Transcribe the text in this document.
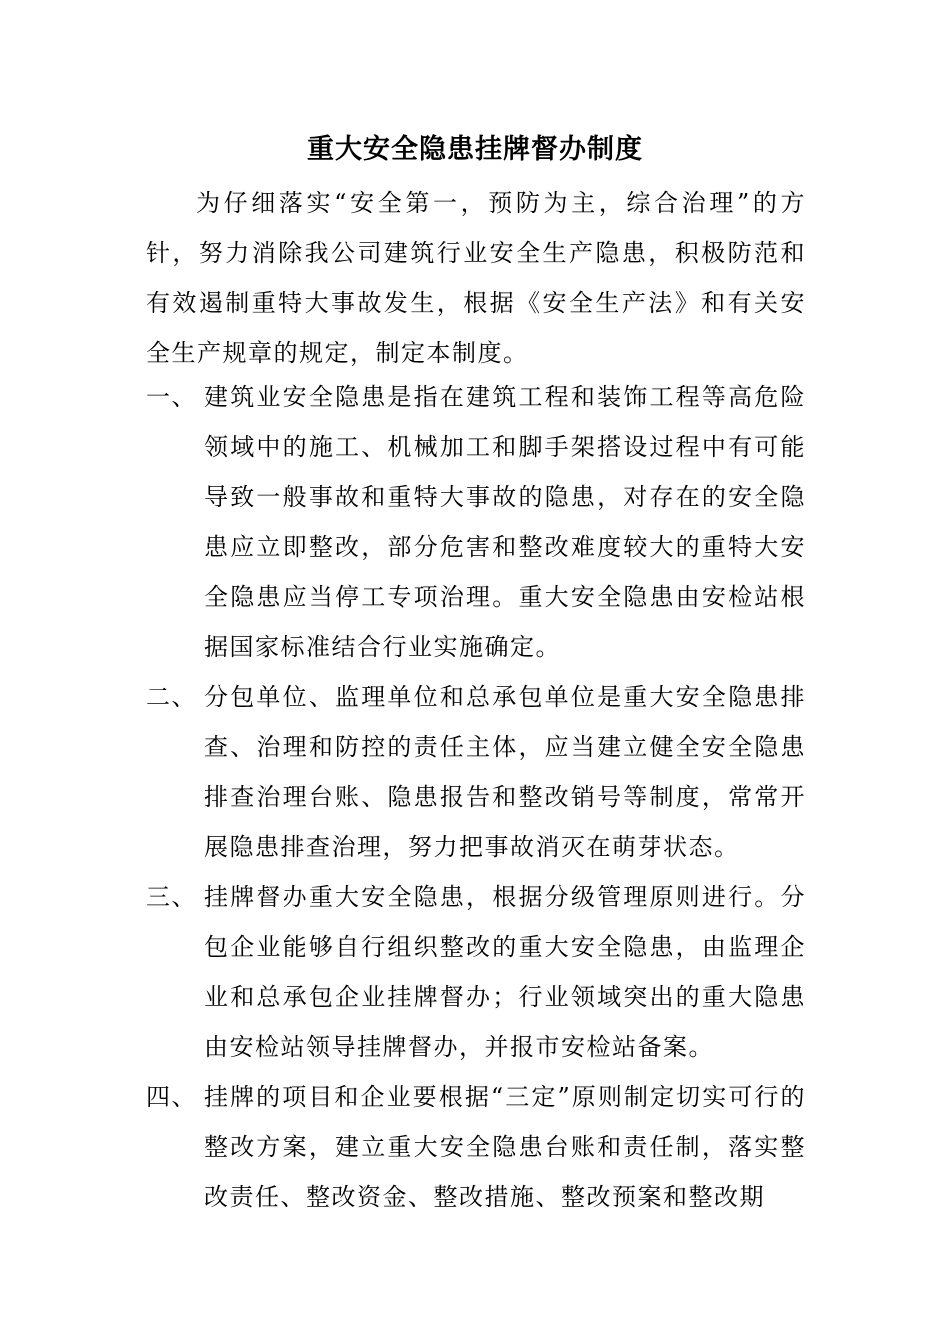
重大安全隐患挂牌督办制度

为仔细落实“安全第一，预防为主，综合治理”的方针，努力消除我公司建筑行业安全生产隐患，积极防范和有效遏制重特大事故发生，根据《安全生产法》和有关安全生产规章的规定，制定本制度。

一、 建筑业安全隐患是指在建筑工程和装饰工程等高危险领域中的施工、机械加工和脚手架搭设过程中有可能导致一般事故和重特大事故的隐患，对存在的安全隐患应立即整改，部分危害和整改难度较大的重特大安全隐患应当停工专项治理。重大安全隐患由安检站根据国家标准结合行业实施确定。

二、 分包单位、监理单位和总承包单位是重大安全隐患排查、治理和防控的责任主体，应当建立健全安全隐患排查治理台账、隐患报告和整改销号等制度，常常开展隐患排查治理，努力把事故消灭在萌芽状态。

三、 挂牌督办重大安全隐患，根据分级管理原则进行。分包企业能够自行组织整改的重大安全隐患，由监理企业和总承包企业挂牌督办；行业领域突出的重大隐患由安检站领导挂牌督办，并报市安检站备案。

四、 挂牌的项目和企业要根据“三定”原则制定切实可行的整改方案，建立重大安全隐患台账和责任制，落实整改责任、整改资金、整改措施、整改预案和整改期
